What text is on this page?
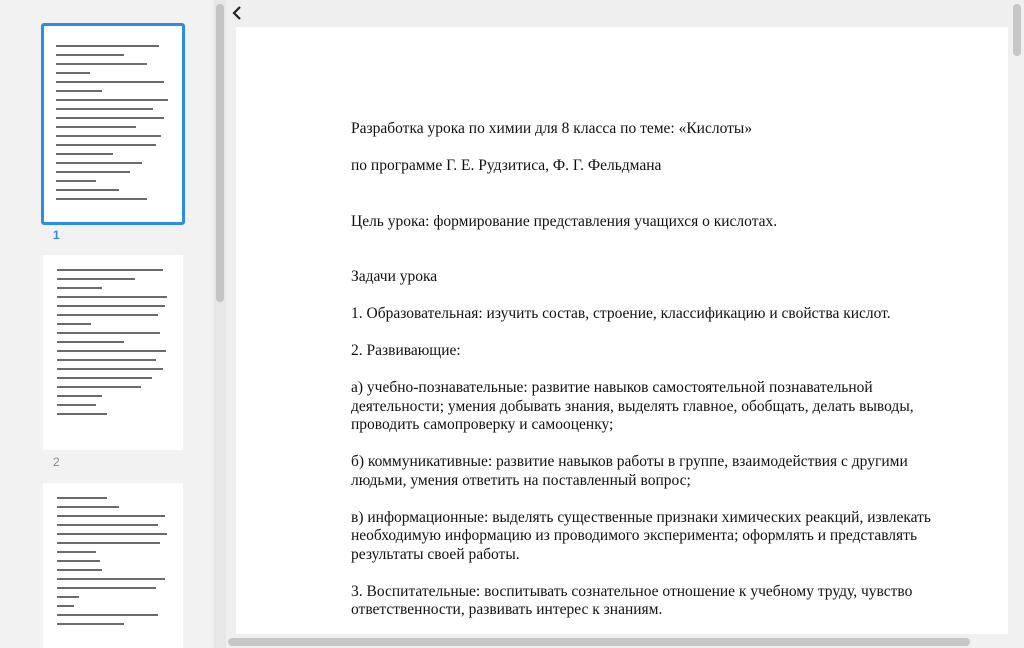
1
2

Разработка урока по химии для 8 класса по теме: «Кислоты»

по программе Г. Е. Рудзитиса, Ф. Г. Фельдмана

Цель урока: формирование представления учащихся о кислотах.

Задачи урока

1. Образовательная: изучить состав, строение, классификацию и свойства кислот.

2. Развивающие:

а) учебно-познавательные: развитие навыков самостоятельной познавательной деятельности; умения добывать знания, выделять главное, обобщать, делать выводы, проводить самопроверку и самооценку;

б) коммуникативные: развитие навыков работы в группе, взаимодействия с другими людьми, умения ответить на поставленный вопрос;

в) информационные: выделять существенные признаки химических реакций, извлекать необходимую информацию из проводимого эксперимента; оформлять и представлять результаты своей работы.

3. Воспитательные: воспитывать сознательное отношение к учебному труду, чувство ответственности, развивать интерес к знаниям.
